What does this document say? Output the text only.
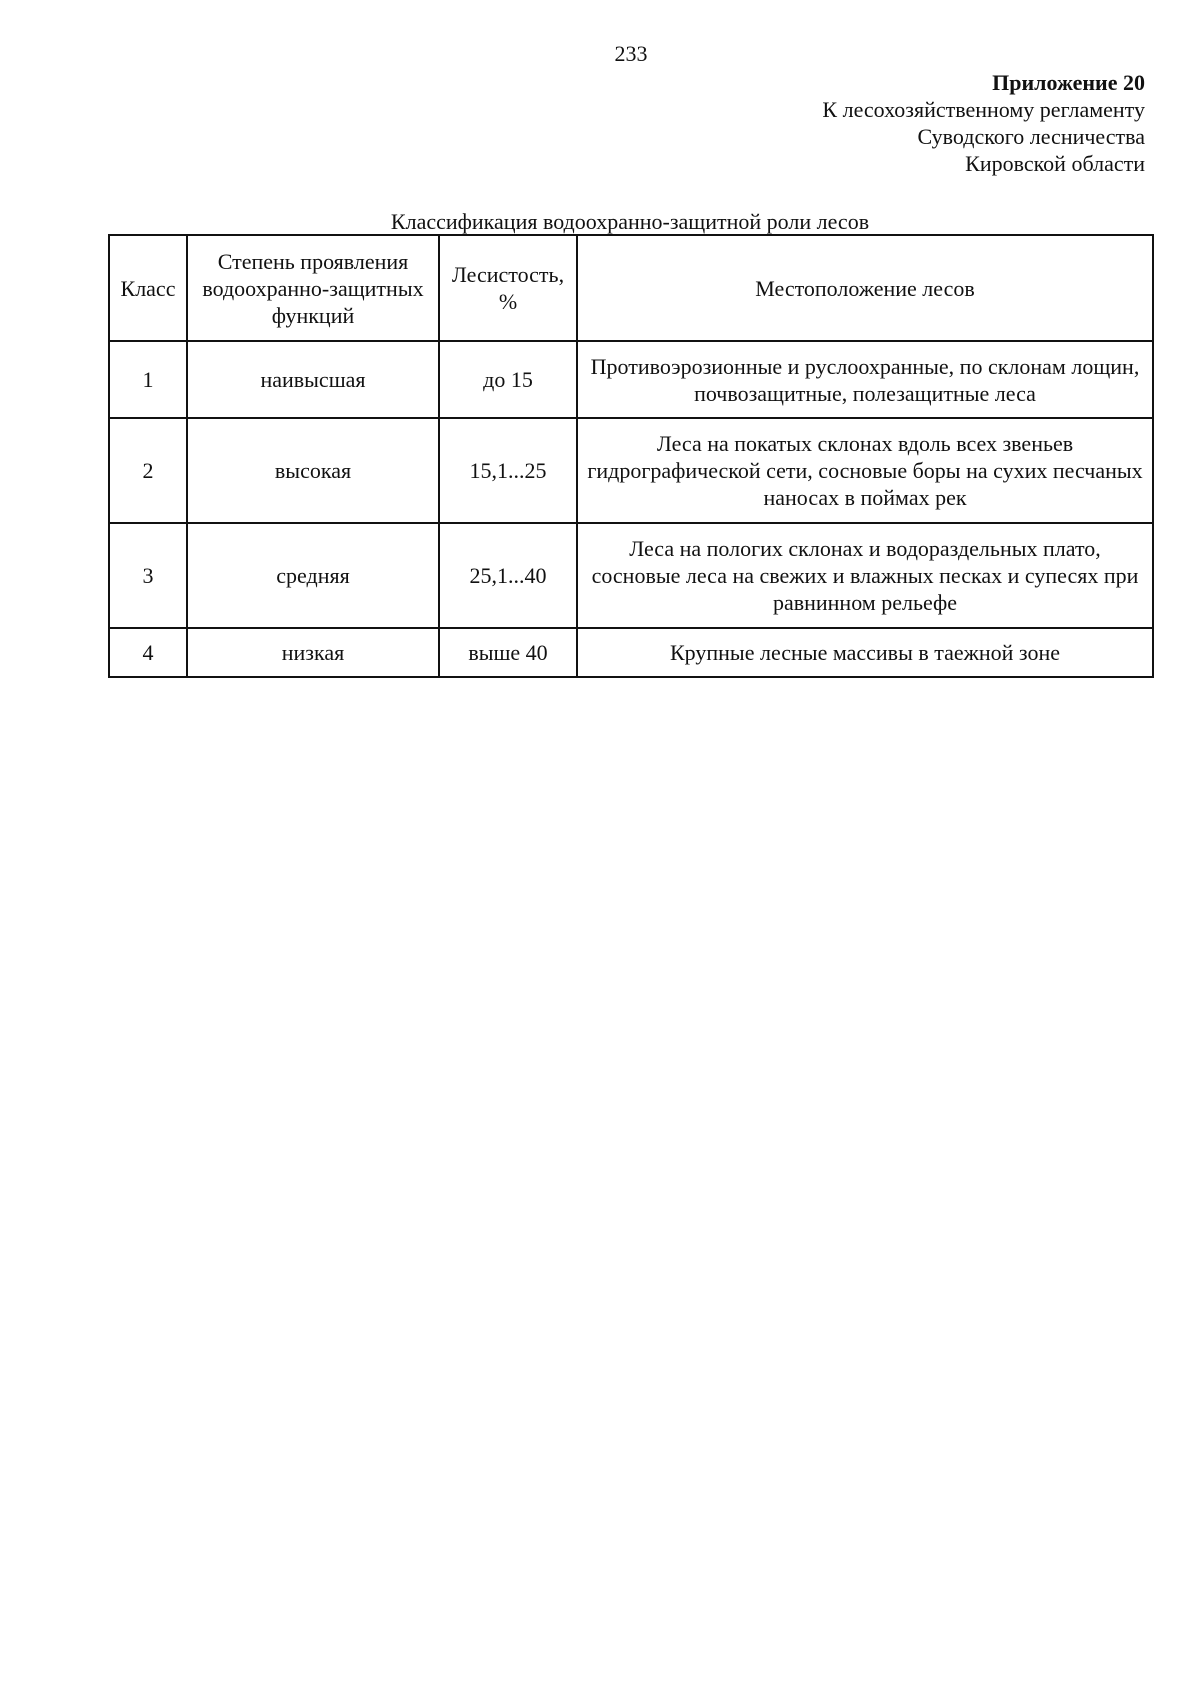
233
Приложение 20
К лесохозяйственному регламенту
Суводского лесничества
Кировской области
Классификация водоохранно-защитной роли лесов
Класс	Степень проявления водоохранно-защитных функций	Лесистость, %	Местоположение лесов
1	наивысшая	до 15	Противоэрозионные и руслоохранные, по склонам лощин, почвозащитные, полезащитные леса
2	высокая	15,1...25	Леса на покатых склонах вдоль всех звеньев гидрографической сети, сосновые боры на сухих песчаных наносах в поймах рек
3	средняя	25,1...40	Леса на пологих склонах и водораздельных плато, сосновые леса на свежих и влажных песках и супесях при равнинном рельефе
4	низкая	выше 40	Крупные лесные массивы в таежной зоне
